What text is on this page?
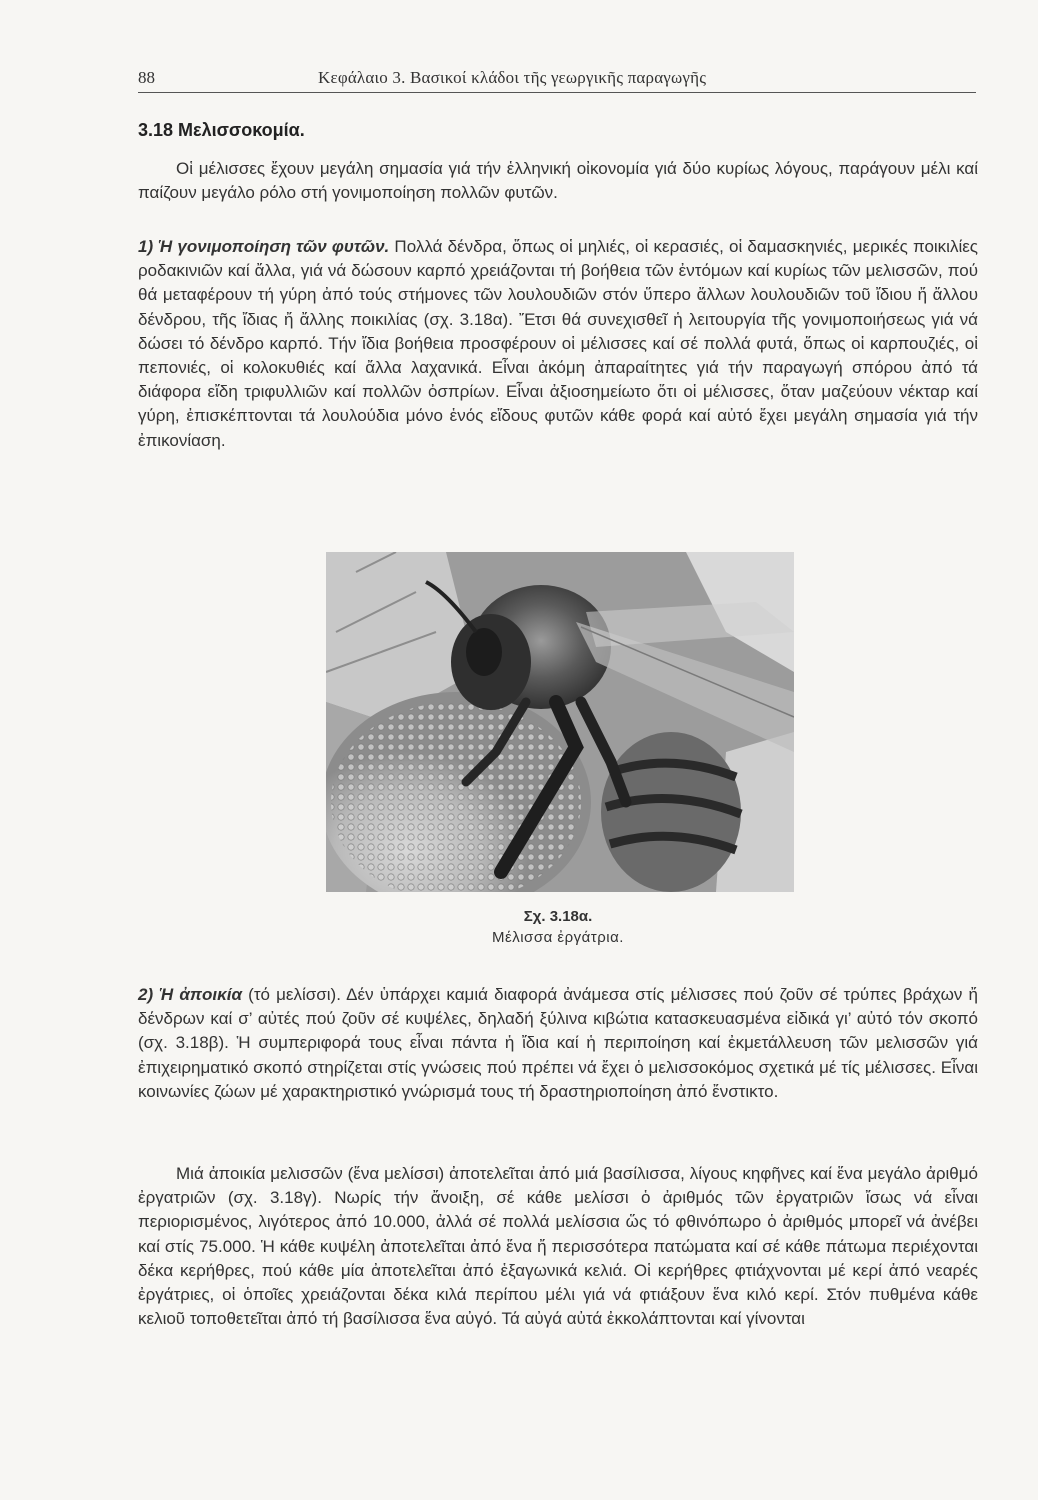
88	Κεφάλαιο 3. Βασικοί κλάδοι τῆς γεωργικῆς παραγωγῆς
3.18 Μελισσοκομία.

Οἱ μέλισσες ἔχουν μεγάλη σημασία γιά τήν ἑλληνική οἰκονομία γιά δύο κυρίως λόγους, παράγουν μέλι καί παίζουν μεγάλο ρόλο στή γονιμοποίηση πολλῶν φυτῶν.

1) Ἡ γονιμοποίηση τῶν φυτῶν. Πολλά δένδρα, ὅπως οἱ μηλιές, οἱ κερασιές, οἱ δαμασκηνιές, μερικές ποικιλίες ροδακινιῶν καί ἄλλα, γιά νά δώσουν καρπό χρειάζονται τή βοήθεια τῶν ἐντόμων καί κυρίως τῶν μελισσῶν, πού θά μεταφέρουν τή γύρη ἀπό τούς στήμονες τῶν λουλουδιῶν στόν ὕπερο ἄλλων λουλουδιῶν τοῦ ἴδιου ἤ ἄλλου δένδρου, τῆς ἴδιας ἤ ἄλλης ποικιλίας (σχ. 3.18α). Ἔτσι θά συνεχισθεῖ ἡ λειτουργία τῆς γονιμοποιήσεως γιά νά δώσει τό δένδρο καρπό. Τήν ἴδια βοήθεια προσφέρουν οἱ μέλισσες καί σέ πολλά φυτά, ὅπως οἱ καρπουζιές, οἱ πεπονιές, οἱ κολοκυθιές καί ἄλλα λαχανικά. Εἶναι ἀκόμη ἀπαραίτητες γιά τήν παραγωγή σπόρου ἀπό τά διάφορα εἴδη τριφυλλιῶν καί πολλῶν ὀσπρίων. Εἶναι ἀξιοσημείωτο ὅτι οἱ μέλισσες, ὅταν μαζεύουν νέκταρ καί γύρη, ἐπισκέπτονται τά λουλούδια μόνο ἑνός εἴδους φυτῶν κάθε φορά καί αὐτό ἔχει μεγάλη σημασία γιά τήν ἐπικονίαση.

Σχ. 3.18α.
Μέλισσα ἐργάτρια.

2) Ἡ ἀποικία (τό μελίσσι). Δέν ὑπάρχει καμιά διαφορά ἀνάμεσα στίς μέλισσες πού ζοῦν σέ τρύπες βράχων ἤ δένδρων καί σ’ αὐτές πού ζοῦν σέ κυψέλες, δηλαδή ξύλινα κιβώτια κατασκευασμένα εἰδικά γι’ αὐτό τόν σκοπό (σχ. 3.18β). Ἡ συμπεριφορά τους εἶναι πάντα ἡ ἴδια καί ἡ περιποίηση καί ἐκμετάλλευση τῶν μελισσῶν γιά ἐπιχειρηματικό σκοπό στηρίζεται στίς γνώσεις πού πρέπει νά ἔχει ὁ μελισσοκόμος σχετικά μέ τίς μέλισσες. Εἶναι κοινωνίες ζώων μέ χαρακτηριστικό γνώρισμά τους τή δραστηριοποίηση ἀπό ἔνστικτο.

Μιά ἀποικία μελισσῶν (ἕνα μελίσσι) ἀποτελεῖται ἀπό μιά βασίλισσα, λίγους κηφῆνες καί ἕνα μεγάλο ἀριθμό ἐργατριῶν (σχ. 3.18γ). Νωρίς τήν ἄνοιξη, σέ κάθε μελίσσι ὁ ἀριθμός τῶν ἐργατριῶν ἴσως νά εἶναι περιορισμένος, λιγότερος ἀπό 10.000, ἀλλά σέ πολλά μελίσσια ὥς τό φθινόπωρο ὁ ἀριθμός μπορεῖ νά ἀνέβει καί στίς 75.000. Ἡ κάθε κυψέλη ἀποτελεῖται ἀπό ἕνα ἤ περισσότερα πατώματα καί σέ κάθε πάτωμα περιέχονται δέκα κερήθρες, πού κάθε μία ἀποτελεῖται ἀπό ἑξαγωνικά κελιά. Οἱ κερήθρες φτιάχνονται μέ κερί ἀπό νεαρές ἐργάτριες, οἱ ὁποῖες χρειάζονται δέκα κιλά περίπου μέλι γιά νά φτιάξουν ἕνα κιλό κερί. Στόν πυθμένα κάθε κελιοῦ τοποθετεῖται ἀπό τή βασίλισσα ἕνα αὐγό. Τά αὐγά αὐτά ἐκκολάπτονται καί γίνονται
